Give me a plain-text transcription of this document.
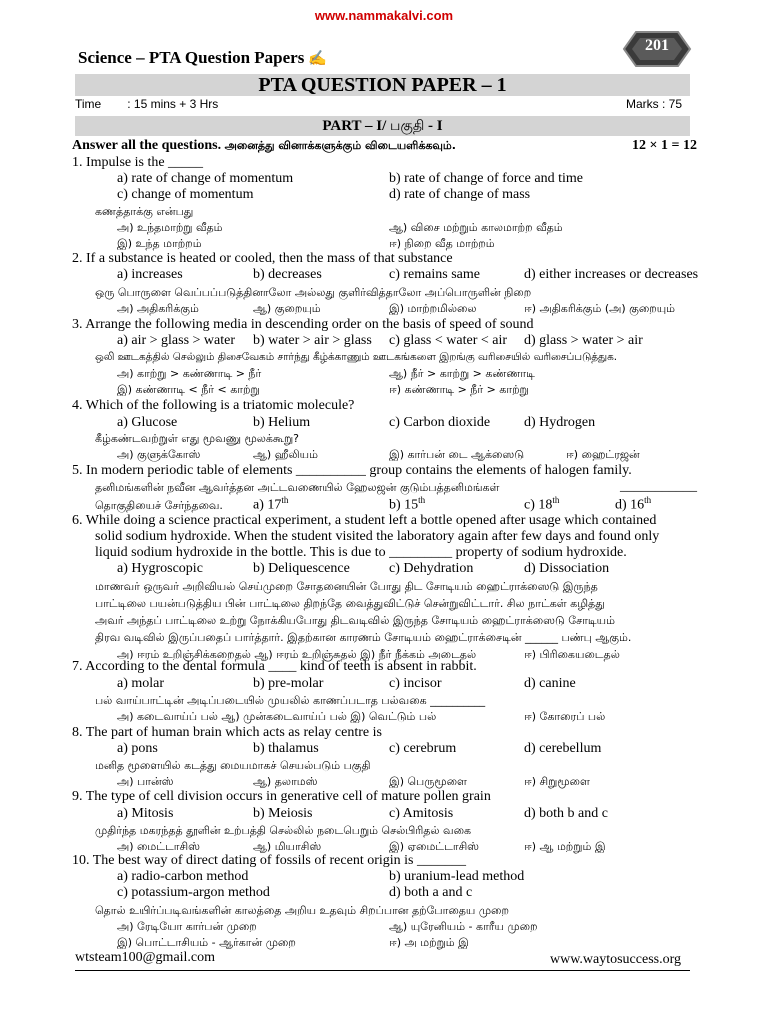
www.nammakalvi.com
Science – PTA Question Papers ✍
201
PTA QUESTION PAPER – 1
Time : 15 mins + 3 Hrs	Marks : 75
PART – I/ பகுதி - I
Answer all the questions. அனைத்து வினாக்களுக்கும் விடையளிக்கவும்.	12 × 1 = 12
1. Impulse is the _____
a) rate of change of momentum	b) rate of change of force and time
c) change of momentum	d) rate of change of mass
கணத்தாக்கு என்பது
அ) உந்தமாற்று வீதம்	ஆ) விசை மற்றும் காலமாற்ற வீதம்
இ) உந்த மாற்றம்	ஈ) நிறை வீத மாற்றம்
2. If a substance is heated or cooled, then the mass of that substance
a) increases	b) decreases	c) remains same	d) either increases or decreases
ஒரு பொருளை வெப்பப்படுத்தினாலோ அல்லது குளிர்வித்தாலோ அப்பொருளின் நிறை
அ) அதிகரிக்கும்	ஆ) குறையும்	இ) மாற்றமில்லை	ஈ) அதிகரிக்கும் (அ) குறையும்
3. Arrange the following media in descending order on the basis of speed of sound
a) air > glass > water b) water > air > glass c) glass < water < air d) glass > water > air
ஒலி ஊடகத்தில் செல்லும் திசைவேகம் சார்ந்து கீழ்க்காணும் ஊடகங்களை இறங்கு வரிசையில் வரிசைப்படுத்துக.
அ) காற்று > கண்ணாடி > நீர்	ஆ) நீர் > காற்று > கண்ணாடி
இ) கண்ணாடி < நீர் < காற்று	ஈ) கண்ணாடி > நீர் > காற்று
4. Which of the following is a triatomic molecule?
a) Glucose	b) Helium	c) Carbon dioxide d) Hydrogen
கீழ்கண்டவற்றுள் எது மூவணு மூலக்கூறு?
அ) குளுக்கோஸ்	ஆ) ஹீலியம்	இ) கார்பன் டை ஆக்ஸைடு	ஈ) ஹைட்ரஜன்
5. In modern periodic table of elements __________ group contains the elements of halogen family.
தனிமங்களின் நவீன ஆவர்த்தன அட்டவணையில் ஹேலஜன் குடும்பத்தனிமங்கள்	___________
தொகுதியைச் சேர்ந்தவை. a) 17th	b) 15th	c) 18th	d) 16th
6. While doing a science practical experiment, a student left a bottle opened after usage which contained
solid sodium hydroxide. When the student visited the laboratory again after few days and found only
liquid sodium hydroxide in the bottle. This is due to _________ property of sodium hydroxide.
a) Hygroscopic	b) Deliquescence	c) Dehydration	d) Dissociation
மாணவர் ஒருவர் அறிவியல் செய்முறை சோதனையின் போது திட சோடியம் ஹைட்ராக்ஸைடு இருந்த
பாட்டிலை பயன்படுத்திய பின் பாட்டிலை திறந்தே வைத்துவிட்டுச் சென்றுவிட்டார். சில நாட்கள் கழித்து
அவர் அந்தப் பாட்டிலை உற்று நோக்கியபோது திடவடிவில் இருந்த சோடியம் ஹைட்ராக்ஸைடு சோடியம்
திரவ வடிவில் இருப்பதைப் பார்த்தார். இதற்கான காரணம் சோடியம் ஹைட்ராக்சைடின் ______ பண்பு ஆகும்.
அ) ஈரம் உறிஞ்சிக்கறைதல் ஆ) ஈரம் உறிஞ்சுதல் இ) நீர் நீக்கம் அடைதல்	ஈ) பிரிகையடைதல்
7. According to the dental formula ____ kind of teeth is absent in rabbit.
a) molar	b) pre-molar	c) incisor	d) canine
பல் வாய்பாட்டின் அடிப்படையில் முயலில் காணப்படாத பல்வகை __________
அ) கடைவாய்ப் பல் ஆ) முன்கடைவாய்ப் பல் இ) வெட்டும் பல்	ஈ) கோரைப் பல்
8. The part of human brain which acts as relay centre is
a) pons	b) thalamus	c) cerebrum	d) cerebellum
மனித மூளையில் கடத்து மையமாகச் செயல்படும் பகுதி
அ) பான்ஸ்	ஆ) தலாமஸ்	இ) பெருமூளை	ஈ) சிறுமூளை
9. The type of cell division occurs in generative cell of mature pollen grain
a) Mitosis	b) Meiosis	c) Amitosis	d) both b and c
முதிர்ந்த மகரந்தத் தூளின் உற்பத்தி செல்லில் நடைபெறும் செல்பிரிதல் வகை
அ) மைட்டாசிஸ்	ஆ) மியாசிஸ்	இ) ஏமைட்டாசிஸ்	ஈ) ஆ மற்றும் இ
10. The best way of direct dating of fossils of recent origin is _______
a) radio-carbon method	b) uranium-lead method
c) potassium-argon method	d) both a and c
தொல் உயிர்ப்படிவங்களின் காலத்தை அறிய உதவும் சிறப்பான தற்போதைய முறை
அ) ரேடியோ கார்பன் முறை	ஆ) யுரேனியம் - காரீய முறை
இ) பொட்டாசியம் - ஆர்கான் முறை	ஈ) அ மற்றும் இ
wtsteam100@gmail.com	www.waytosuccess.org
